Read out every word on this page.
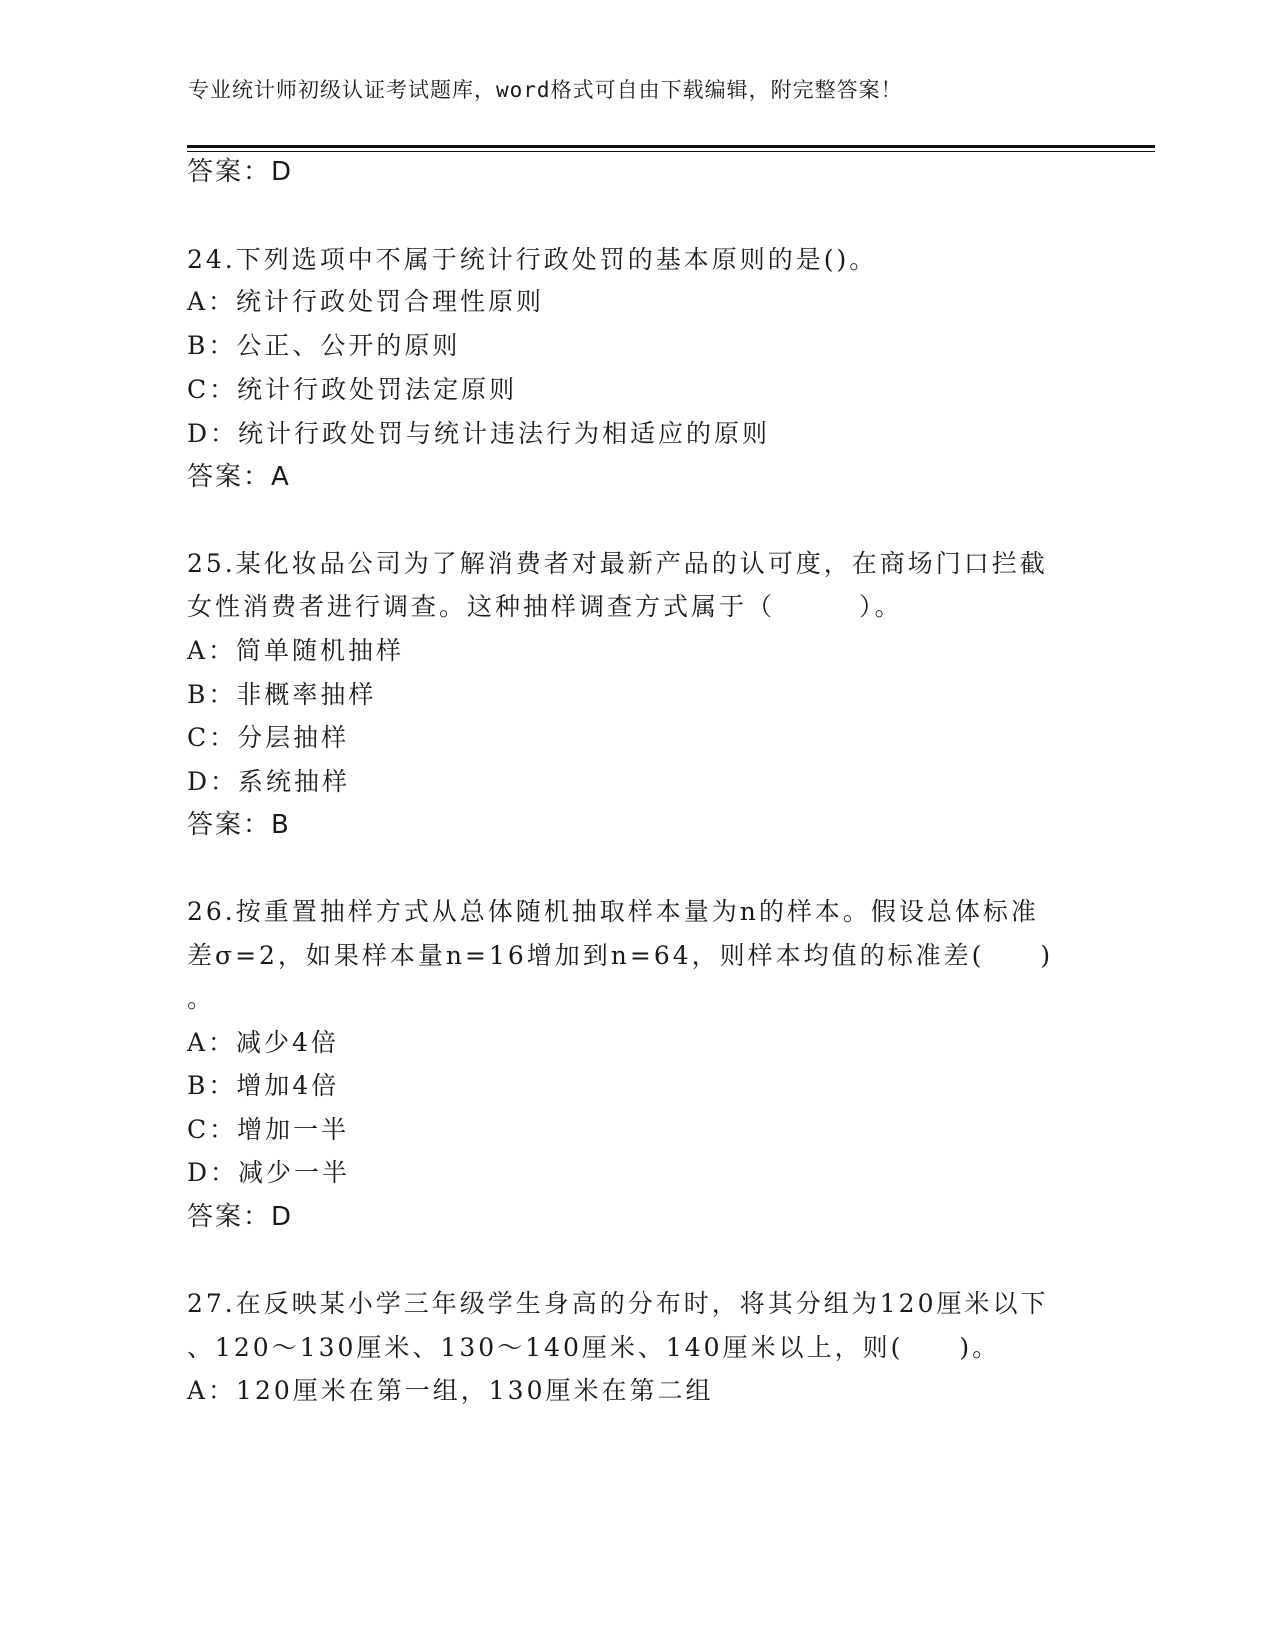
专业统计师初级认证考试题库，word格式可自由下载编辑，附完整答案！
答案：D
24.下列选项中不属于统计行政处罚的基本原则的是()。
A：统计行政处罚合理性原则
B：公正、公开的原则
C：统计行政处罚法定原则
D：统计行政处罚与统计违法行为相适应的原则
答案：A
25.某化妆品公司为了解消费者对最新产品的认可度，在商场门口拦截
女性消费者进行调查。这种抽样调查方式属于（　　　）。
A：简单随机抽样
B：非概率抽样
C：分层抽样
D：系统抽样
答案：B
26.按重置抽样方式从总体随机抽取样本量为n的样本。假设总体标准
差σ=2，如果样本量n=16增加到n=64，则样本均值的标准差(　　)
。
A：减少4倍
B：增加4倍
C：增加一半
D：减少一半
答案：D
27.在反映某小学三年级学生身高的分布时，将其分组为120厘米以下
、120～130厘米、130～140厘米、140厘米以上，则(　　)。
A：120厘米在第一组，130厘米在第二组
